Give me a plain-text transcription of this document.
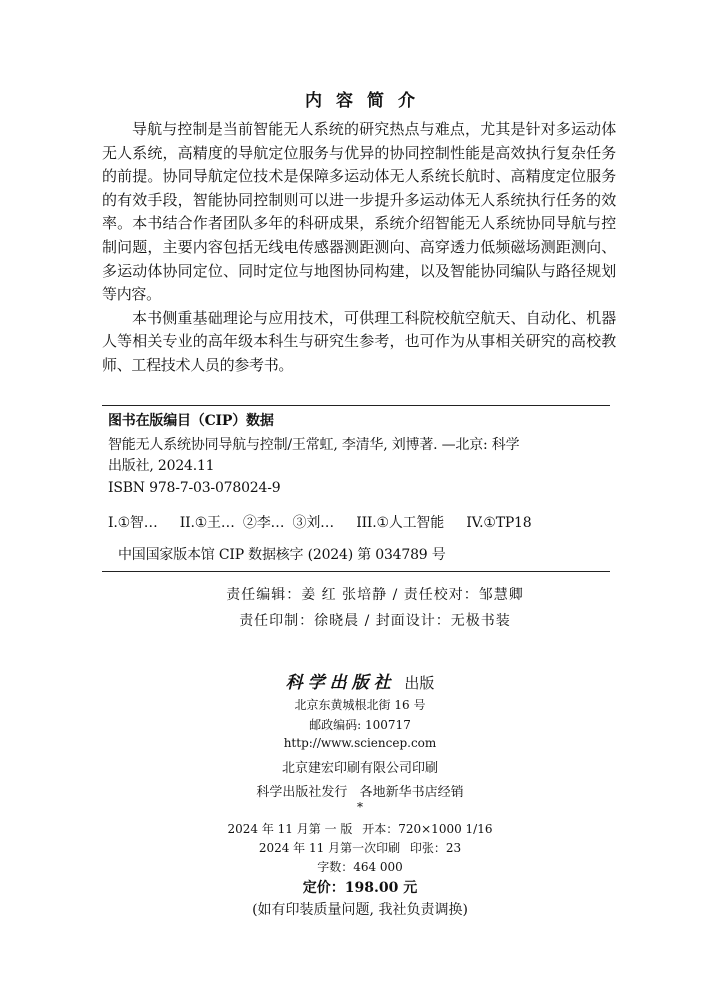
内容简介

导航与控制是当前智能无人系统的研究热点与难点，尤其是针对多运动体无人系统，高精度的导航定位服务与优异的协同控制性能是高效执行复杂任务的前提。协同导航定位技术是保障多运动体无人系统长航时、高精度定位服务的有效手段，智能协同控制则可以进一步提升多运动体无人系统执行任务的效率。本书结合作者团队多年的科研成果，系统介绍智能无人系统协同导航与控制问题，主要内容包括无线电传感器测距测向、高穿透力低频磁场测距测向、多运动体协同定位、同时定位与地图协同构建，以及智能协同编队与路径规划等内容。

本书侧重基础理论与应用技术，可供理工科院校航空航天、自动化、机器人等相关专业的高年级本科生与研究生参考，也可作为从事相关研究的高校教师、工程技术人员的参考书。

图书在版编目（CIP）数据
智能无人系统协同导航与控制/王常虹, 李清华, 刘博著. —北京: 科学
出版社, 2024.11
ISBN 978-7-03-078024-9
I.①智… II.①王… ②李… ③刘… III.①人工智能 IV.①TP18
中国国家版本馆 CIP 数据核字 (2024) 第 034789 号
责任编辑：姜 红 张培静 / 责任校对：邹慧卿
责任印制：徐晓晨 / 封面设计：无极书装
科学出版社 出版
北京东黄城根北街 16 号
邮政编码: 100717
http://www.sciencep.com
北京建宏印刷有限公司印刷
科学出版社发行 各地新华书店经销
*
2024 年 11 月第 一 版 开本：720×1000 1/16
2024 年 11 月第一次印刷 印张：23
字数：464 000
定价：198.00 元
(如有印装质量问题, 我社负责调换)
